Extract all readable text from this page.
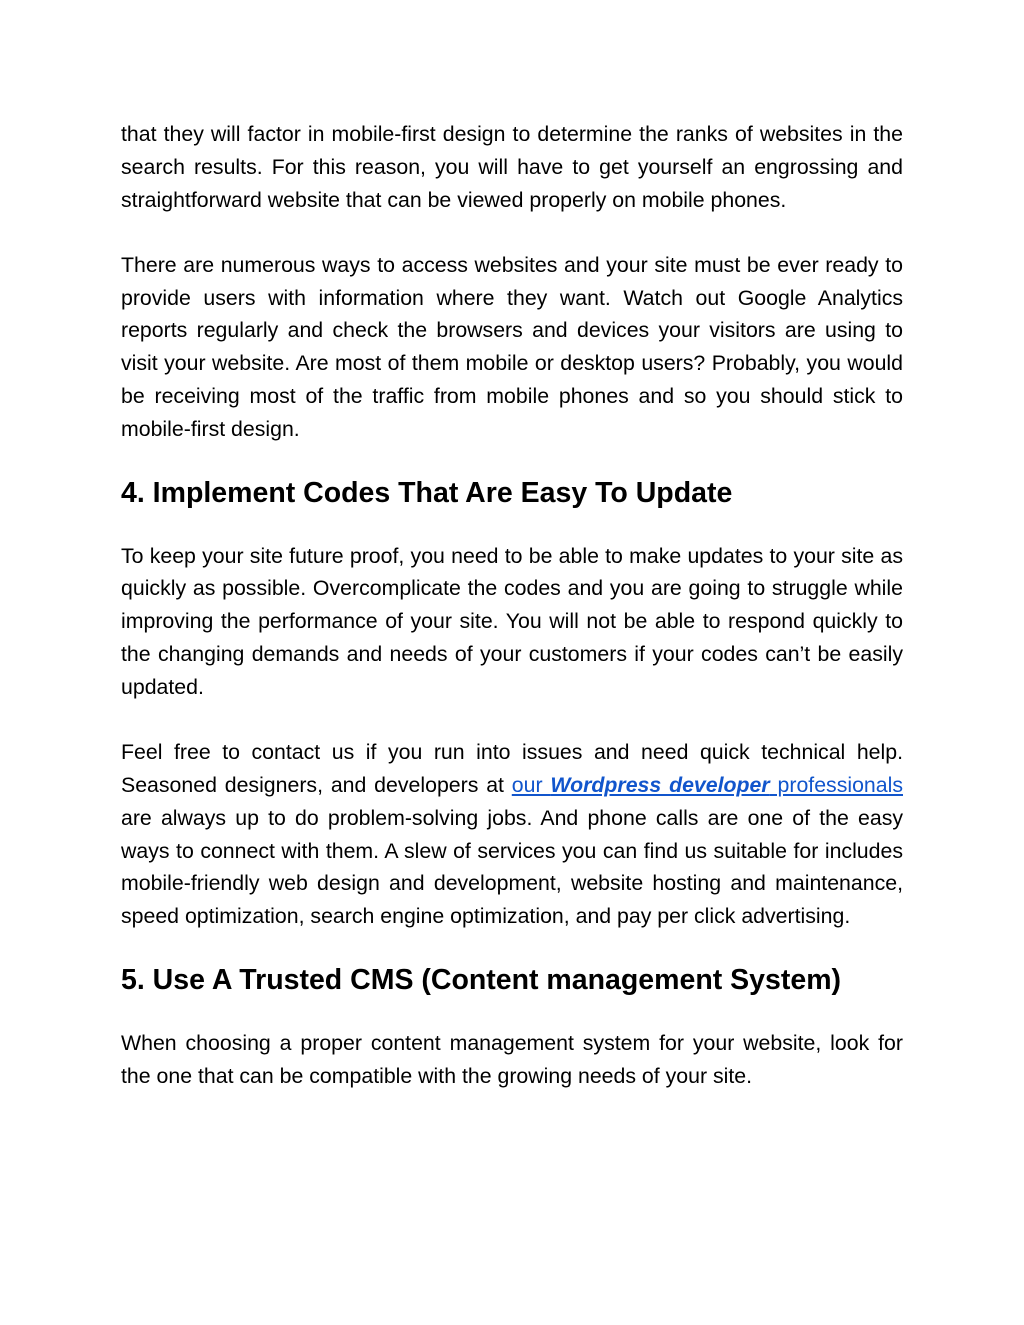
that they will factor in mobile-first design to determine the ranks of websites in the search results. For this reason, you will have to get yourself an engrossing and straightforward website that can be viewed properly on mobile phones.

There are numerous ways to access websites and your site must be ever ready to provide users with information where they want. Watch out Google Analytics reports regularly and check the browsers and devices your visitors are using to visit your website. Are most of them mobile or desktop users? Probably, you would be receiving most of the traffic from mobile phones and so you should stick to mobile-first design.

4. Implement Codes That Are Easy To Update

To keep your site future proof, you need to be able to make updates to your site as quickly as possible. Overcomplicate the codes and you are going to struggle while improving the performance of your site. You will not be able to respond quickly to the changing demands and needs of your customers if your codes can’t be easily updated.

Feel free to contact us if you run into issues and need quick technical help. Seasoned designers, and developers at our Wordpress developer professionals are always up to do problem-solving jobs. And phone calls are one of the easy ways to connect with them. A slew of services you can find us suitable for includes mobile-friendly web design and development, website hosting and maintenance, speed optimization, search engine optimization, and pay per click advertising.

5. Use A Trusted CMS (Content management System)

When choosing a proper content management system for your website, look for the one that can be compatible with the growing needs of your site.
